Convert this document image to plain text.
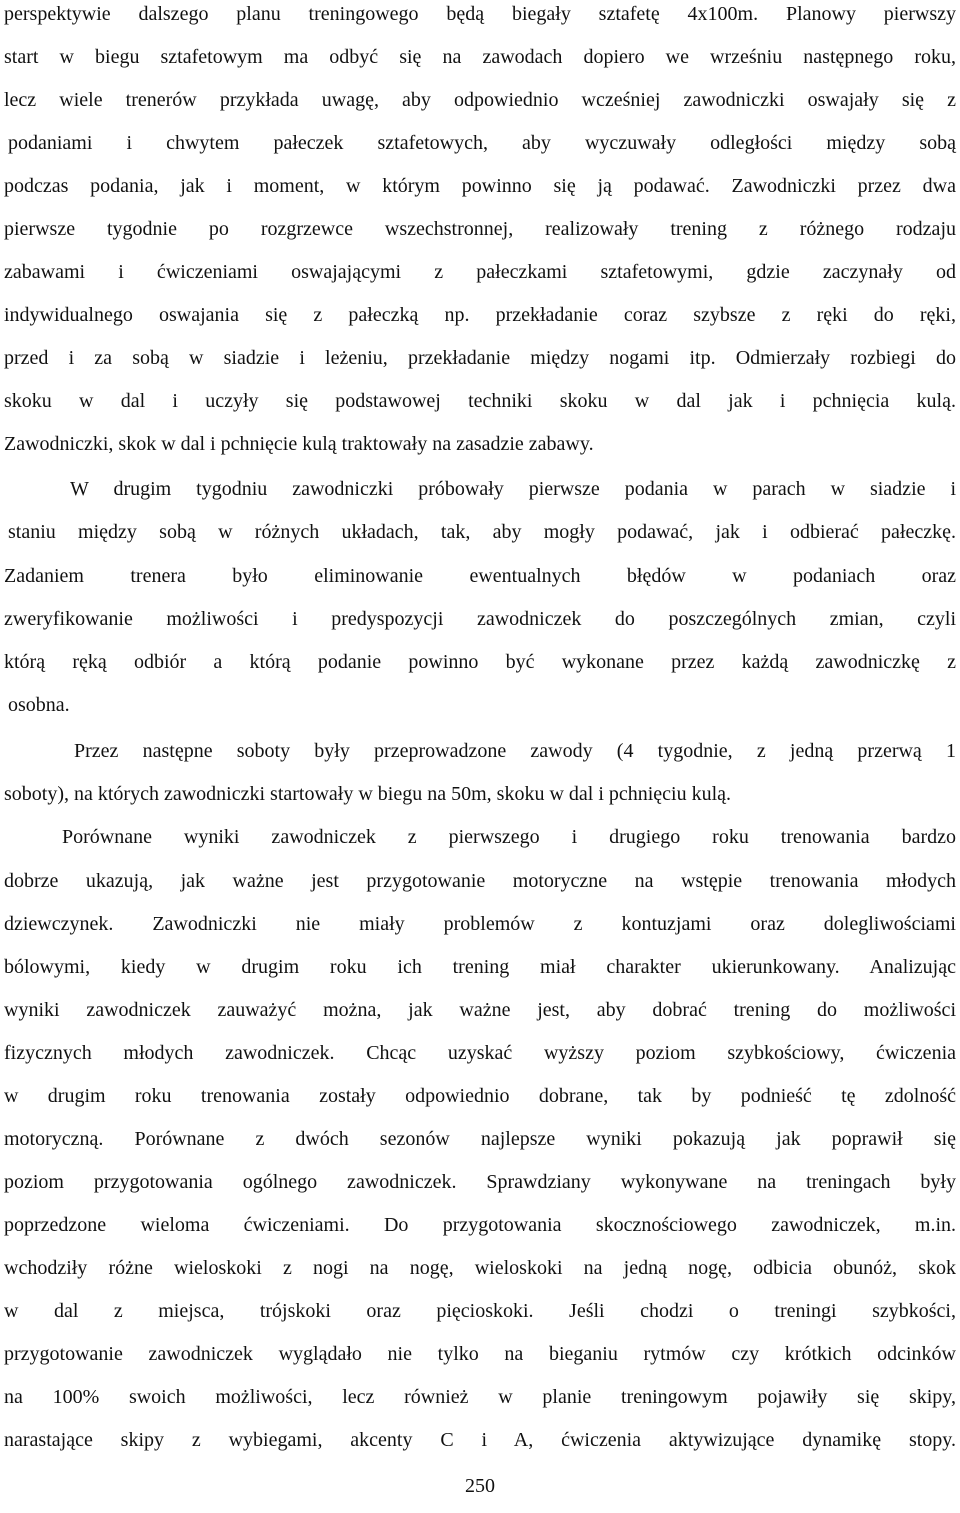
perspektywie dalszego planu treningowego będą biegały sztafetę 4x100m. Planowy pierwszy
start w biegu sztafetowym ma odbyć się na zawodach dopiero we wrześniu następnego roku,
lecz wiele trenerów przykłada uwagę, aby odpowiednio wcześniej zawodniczki oswajały się z
podaniami i chwytem pałeczek sztafetowych, aby wyczuwały odległości między sobą
podczas podania, jak i moment, w którym powinno się ją podawać. Zawodniczki przez dwa
pierwsze tygodnie po rozgrzewce wszechstronnej, realizowały trening z różnego rodzaju
zabawami i ćwiczeniami oswajającymi z pałeczkami sztafetowymi, gdzie zaczynały od
indywidualnego oswajania się z pałeczką np. przekładanie coraz szybsze z ręki do ręki,
przed i za sobą w siadzie i leżeniu, przekładanie między nogami itp. Odmierzały rozbiegi do
skoku w dal i uczyły się podstawowej techniki skoku w dal jak i pchnięcia kulą.
Zawodniczki, skok w dal i pchnięcie kulą traktowały na zasadzie zabawy.
W drugim tygodniu zawodniczki próbowały pierwsze podania w parach w siadzie i
staniu między sobą w różnych układach, tak, aby mogły podawać, jak i odbierać pałeczkę.
Zadaniem trenera było eliminowanie ewentualnych błędów w podaniach oraz
zweryfikowanie możliwości i predyspozycji zawodniczek do poszczególnych zmian, czyli
którą ręką odbiór a którą podanie powinno być wykonane przez każdą zawodniczkę z
osobna.
Przez następne soboty były przeprowadzone zawody (4 tygodnie, z jedną przerwą 1
soboty), na których zawodniczki startowały w biegu na 50m, skoku w dal i pchnięciu kulą.
Porównane wyniki zawodniczek z pierwszego i drugiego roku trenowania bardzo
dobrze ukazują, jak ważne jest przygotowanie motoryczne na wstępie trenowania młodych
dziewczynek. Zawodniczki nie miały problemów z kontuzjami oraz dolegliwościami
bólowymi, kiedy w drugim roku ich trening miał charakter ukierunkowany. Analizując
wyniki zawodniczek zauważyć można, jak ważne jest, aby dobrać trening do możliwości
fizycznych młodych zawodniczek. Chcąc uzyskać wyższy poziom szybkościowy, ćwiczenia
w drugim roku trenowania zostały odpowiednio dobrane, tak by podnieść tę zdolność
motoryczną. Porównane z dwóch sezonów najlepsze wyniki pokazują jak poprawił się
poziom przygotowania ogólnego zawodniczek. Sprawdziany wykonywane na treningach były
poprzedzone wieloma ćwiczeniami. Do przygotowania skocznościowego zawodniczek, m.in.
wchodziły różne wieloskoki z nogi na nogę, wieloskoki na jedną nogę, odbicia obunóż, skok
w dal z miejsca, trójskoki oraz pięcioskoki. Jeśli chodzi o treningi szybkości,
przygotowanie zawodniczek wyglądało nie tylko na bieganiu rytmów czy krótkich odcinków
na 100% swoich możliwości, lecz również w planie treningowym pojawiły się skipy,
narastające skipy z wybiegami, akcenty C i A, ćwiczenia aktywizujące dynamikę stopy.
250
